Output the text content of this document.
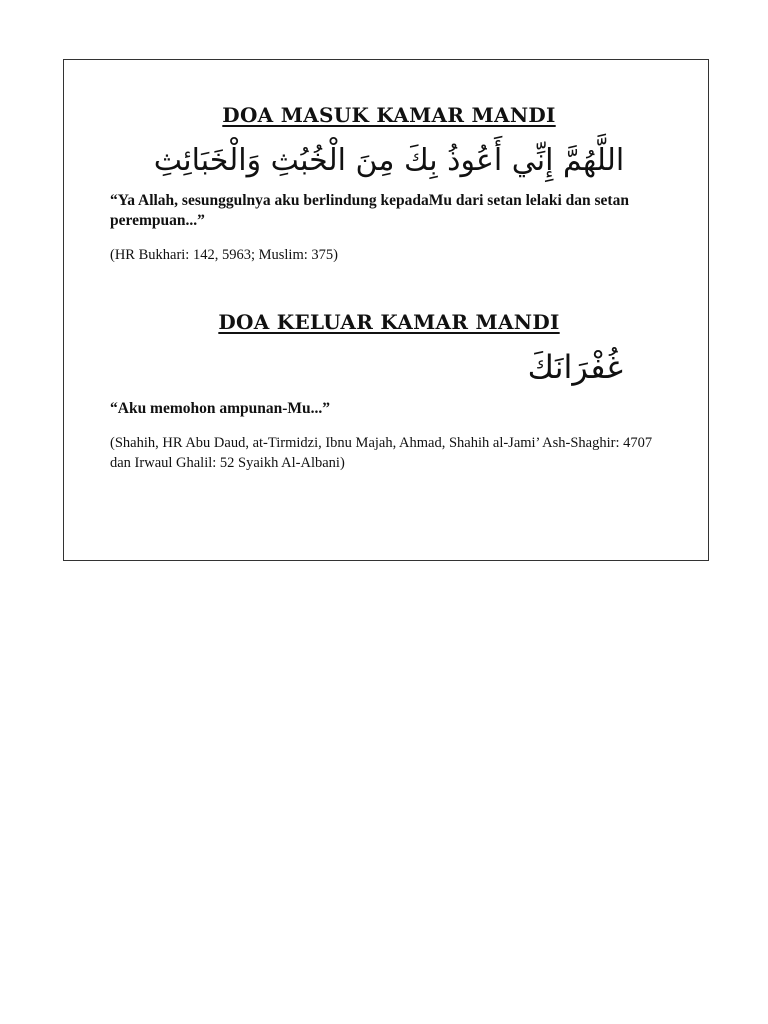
DOA MASUK KAMAR MANDI
اللَّهُمَّ إِنِّي أَعُوذُ بِكَ مِنَ الْخُبُثِ وَالْخَبَائِثِ

“Ya Allah, sesunggulnya aku berlindung kepadaMu dari setan lelaki dan setan perempuan...”

(HR Bukhari: 142, 5963; Muslim: 375)

DOA KELUAR KAMAR MANDI
غُفْرَانَكَ

“Aku memohon ampunan-Mu...”

(Shahih, HR Abu Daud, at-Tirmidzi, Ibnu Majah, Ahmad, Shahih al-Jami’ Ash-Shaghir: 4707 dan Irwaul Ghalil: 52 Syaikh Al-Albani)
